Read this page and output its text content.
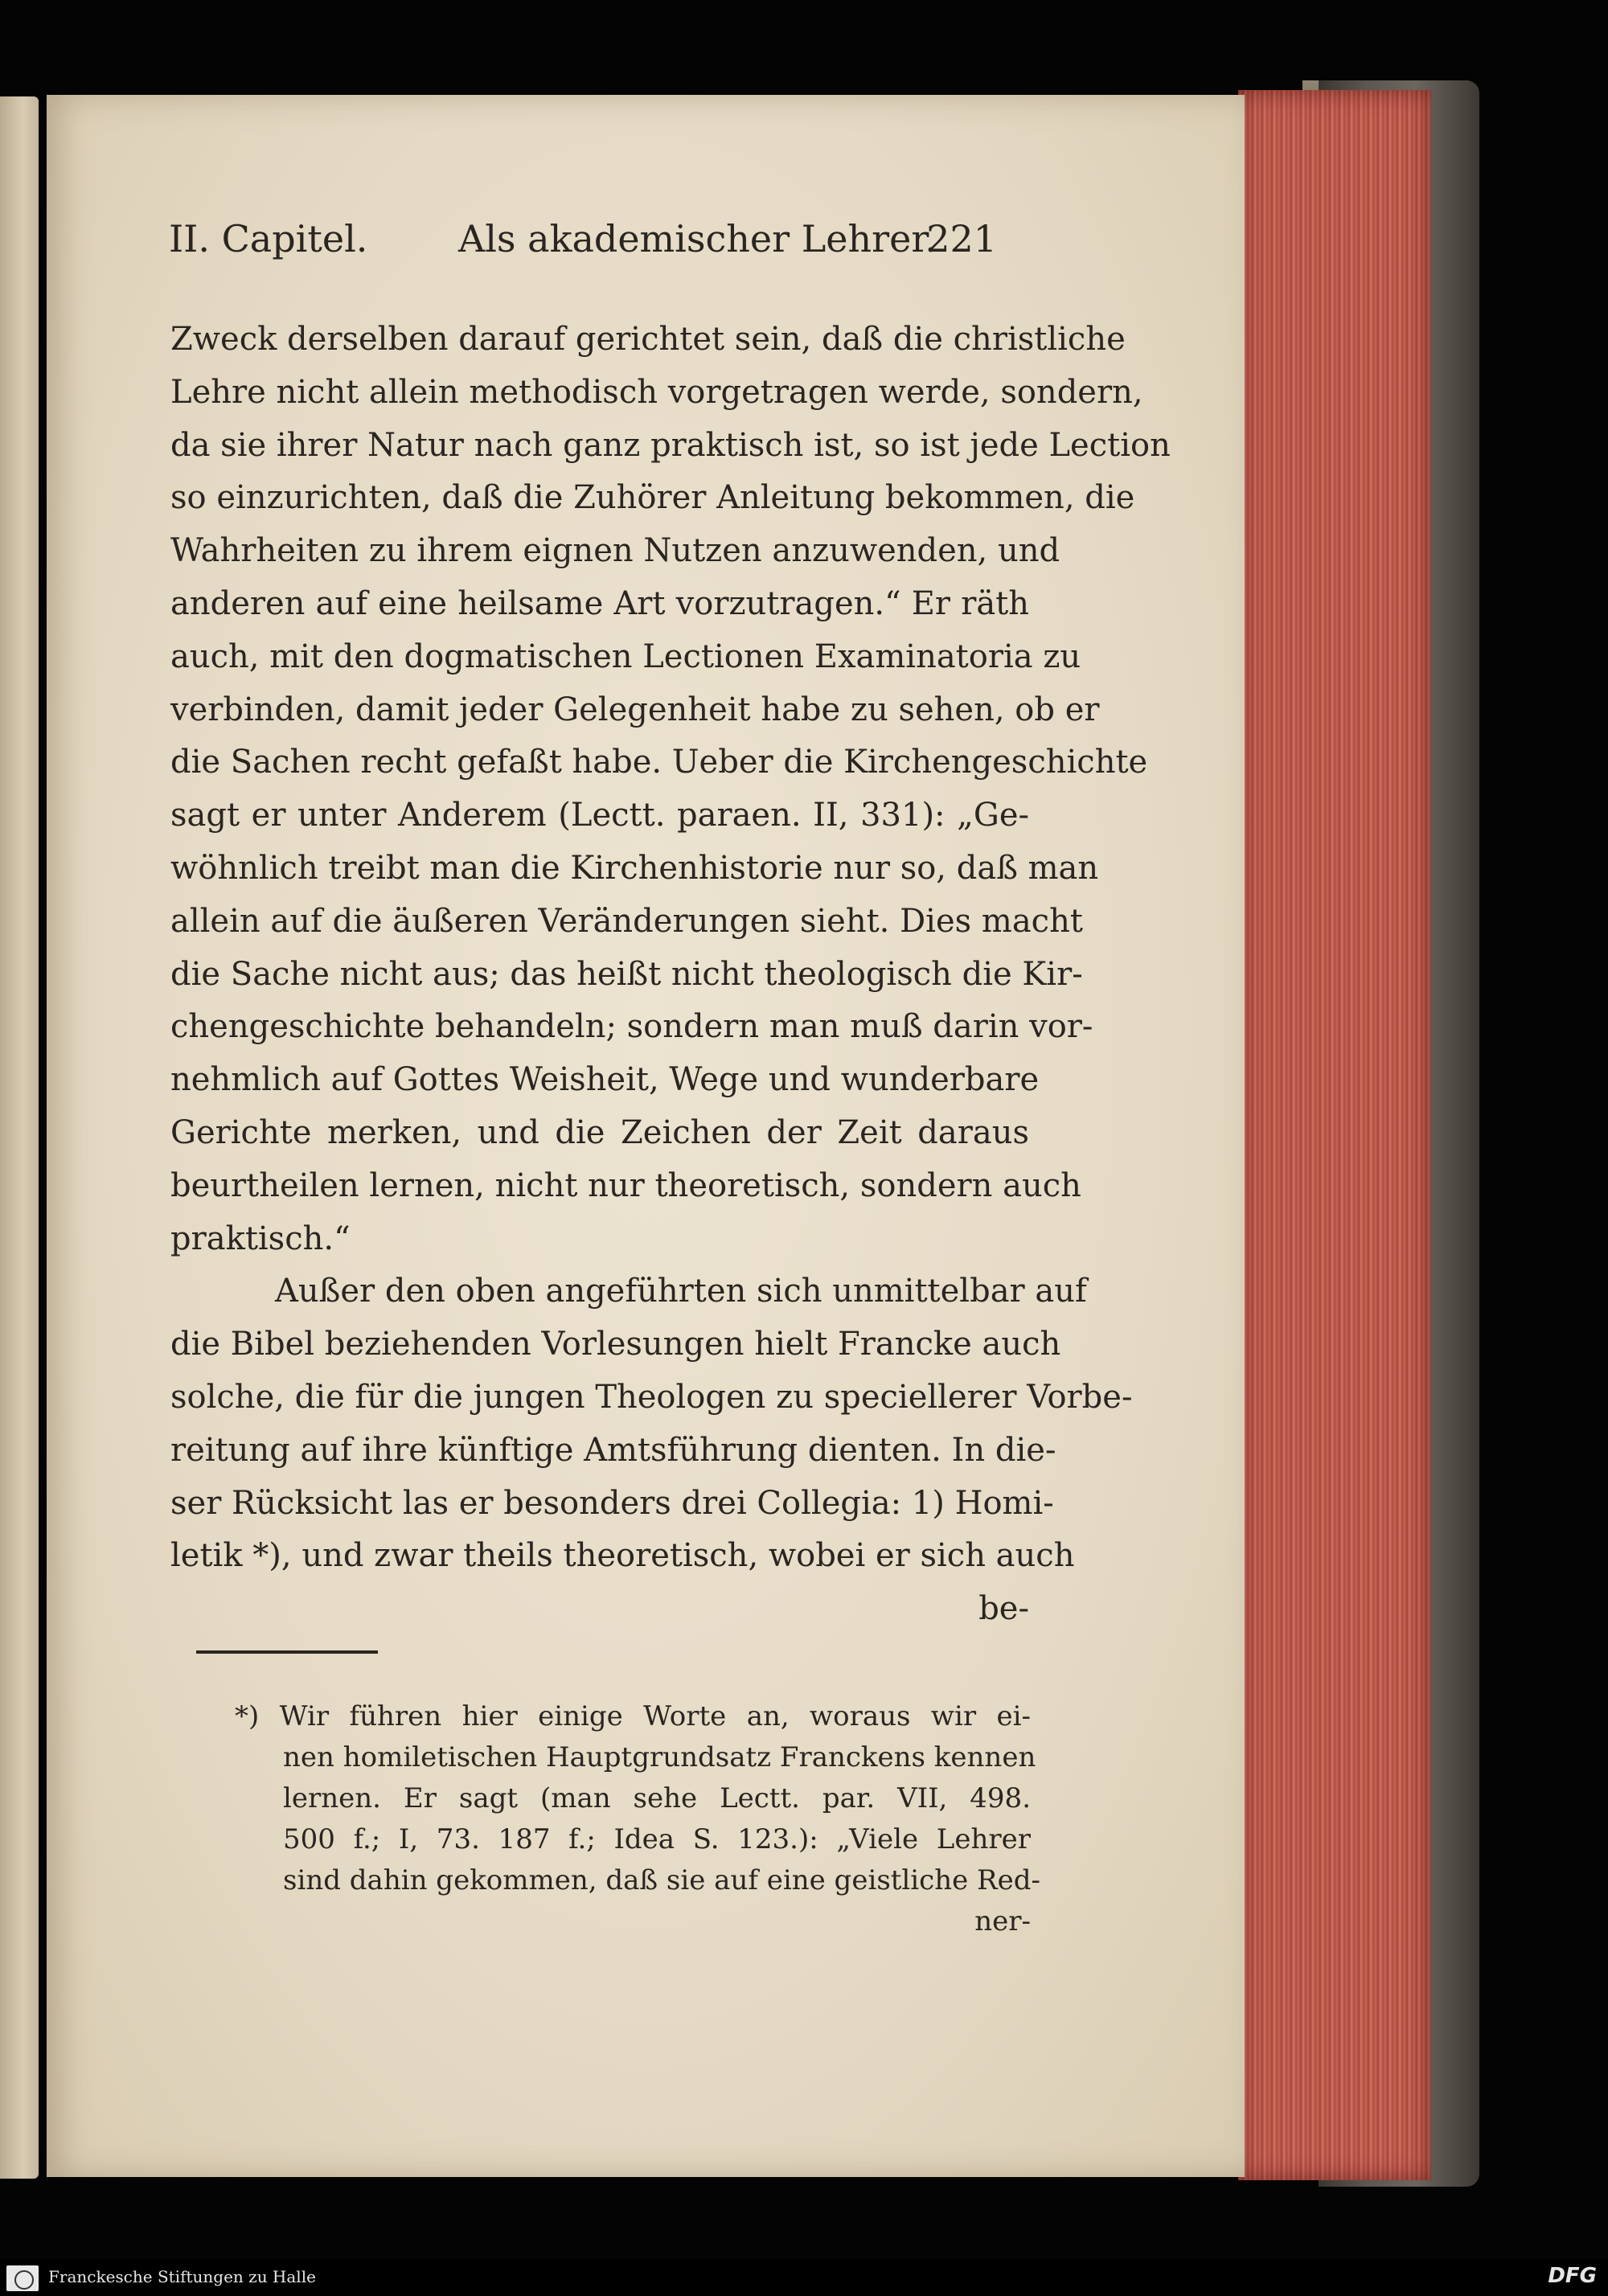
II. Capitel. Als akademischer Lehrer.
221
Zweck derselben darauf gerichtet sein, daß die christliche
Lehre nicht allein methodisch vorgetragen werde, sondern,
da sie ihrer Natur nach ganz praktisch ist, so ist jede Lection
so einzurichten, daß die Zuhörer Anleitung bekommen, die
Wahrheiten zu ihrem eignen Nutzen anzuwenden, und
anderen auf eine heilsame Art vorzutragen.“ Er räth
auch, mit den dogmatischen Lectionen Examinatoria zu
verbinden, damit jeder Gelegenheit habe zu sehen, ob er
die Sachen recht gefaßt habe. Ueber die Kirchengeschichte
sagt er unter Anderem (Lectt. paraen. II, 331): „Ge-
wöhnlich treibt man die Kirchenhistorie nur so, daß man
allein auf die äußeren Veränderungen sieht. Dies macht
die Sache nicht aus; das heißt nicht theologisch die Kir-
chengeschichte behandeln; sondern man muß darin vor-
nehmlich auf Gottes Weisheit, Wege und wunderbare
Gerichte merken, und die Zeichen der Zeit daraus
beurtheilen lernen, nicht nur theoretisch, sondern auch
praktisch.“
Außer den oben angeführten sich unmittelbar auf
die Bibel beziehenden Vorlesungen hielt Francke auch
solche, die für die jungen Theologen zu speciellerer Vorbe-
reitung auf ihre künftige Amtsführung dienten. In die-
ser Rücksicht las er besonders drei Collegia: 1) Homi-
letik *), und zwar theils theoretisch, wobei er sich auch
be-
*) Wir führen hier einige Worte an, woraus wir ei-
nen homiletischen Hauptgrundsatz Franckens kennen
lernen. Er sagt (man sehe Lectt. par. VII, 498.
500 f.; I, 73. 187 f.; Idea S. 123.): „Viele Lehrer
sind dahin gekommen, daß sie auf eine geistliche Red-
ner-
Franckesche Stiftungen zu Halle	DFG
